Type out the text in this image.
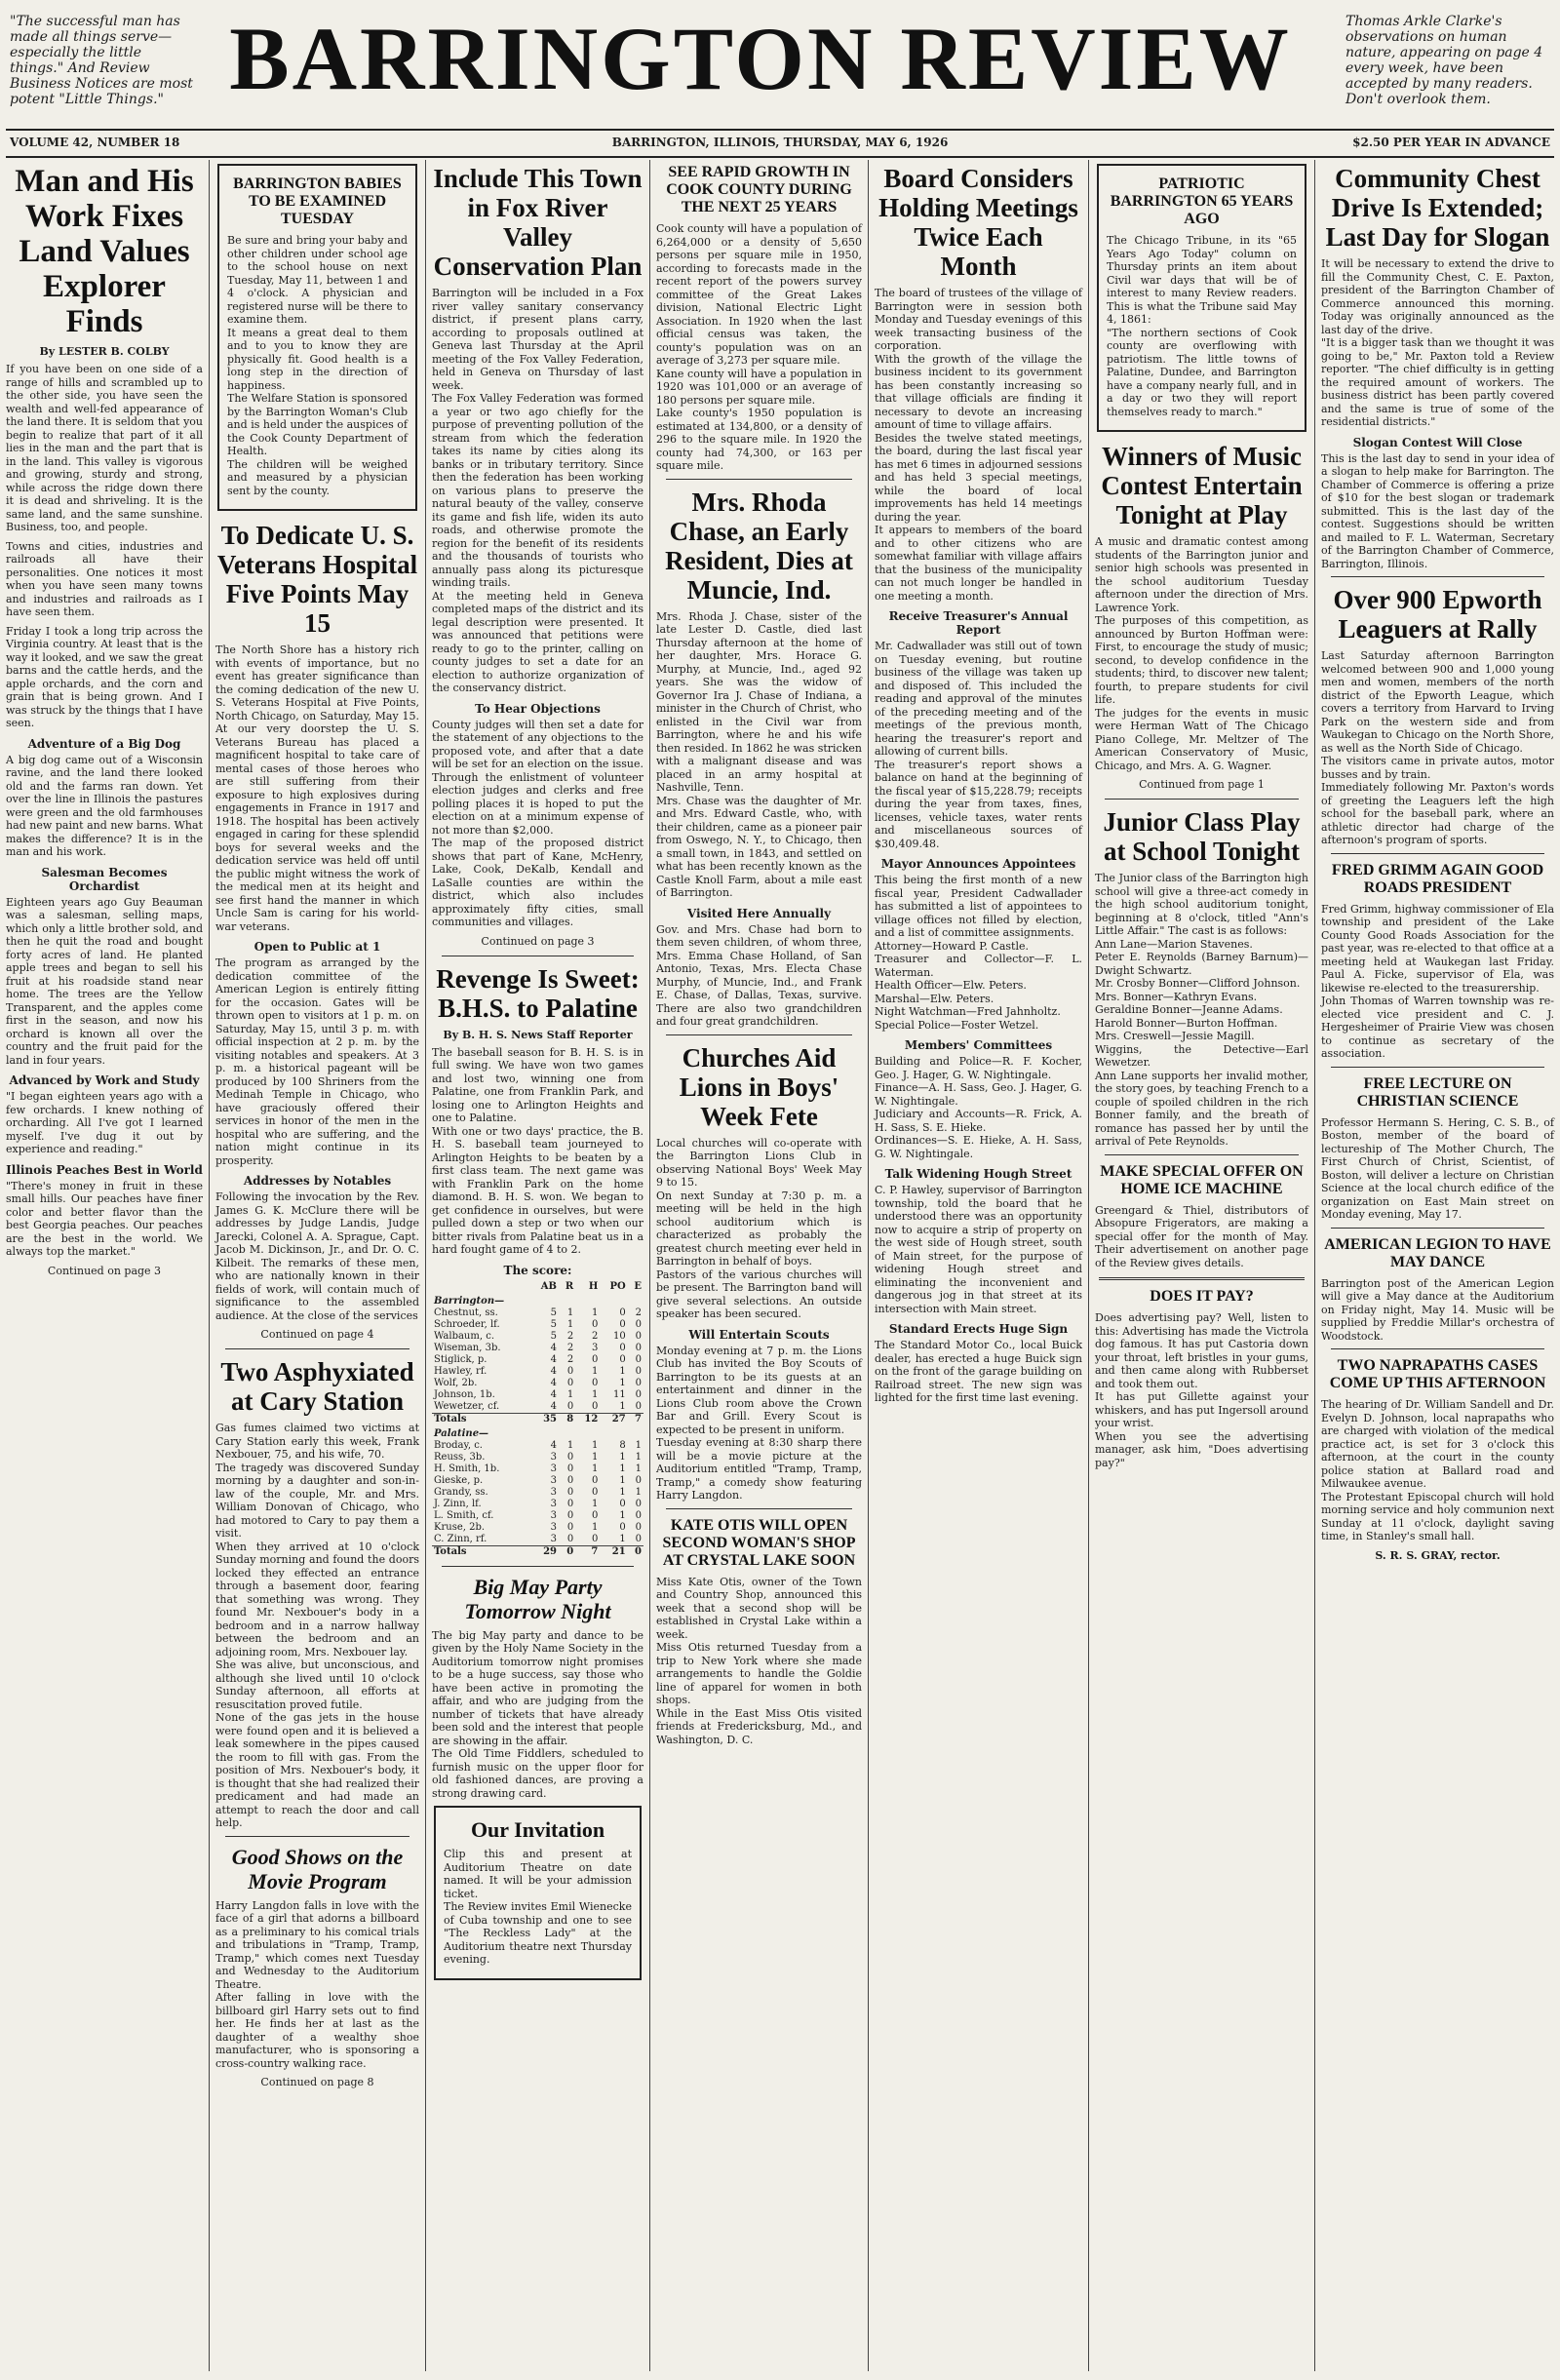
"The successful man has made all things serve—especially the little things." And Review Business Notices are most potent "Little Things." BARRINGTON REVIEW	Thomas Arkle Clarke's observations on human nature, appearing on page 4 every week, have been accepted by many readers. Don't overlook them.
VOLUME 42, NUMBER 18	BARRINGTON, ILLINOIS, THURSDAY, MAY 6, 1926	$2.50 PER YEAR IN ADVANCE
Man and His Work Fixes Land Values Explorer Finds
By LESTER B. COLBY

If you have been on one side of a range of hills and scrambled up to the other side, you have seen the wealth and well-fed appearance of the land there. It is seldom that you begin to realize that part of it all lies in the man and the part that is in the land. This valley is vigorous and growing, sturdy and strong, while across the ridge down there it is dead and shriveling. It is the same land, and the same sunshine. Business, too, and people.

Towns and cities, industries and railroads all have their personalities. One notices it most when you have seen many towns and industries and railroads as I have seen them.

Friday I took a long trip across the Virginia country. At least that is the way it looked, and we saw the great barns and the cattle herds, and the apple orchards, and the corn and grain that is being grown. And I was struck by the things that I have seen.

Adventure of a Big Dog

A big dog came out of a Wisconsin ravine, and the land there looked old and the farms ran down. Yet over the line in Illinois the pastures were green and the old farmhouses had new paint and new barns. What makes the difference? It is in the man and his work.

Salesman Becomes Orchardist

Eighteen years ago Guy Beauman was a salesman, selling maps, which only a little brother sold, and then he quit the road and bought forty acres of land. He planted apple trees and began to sell his fruit at his roadside stand near home. The trees are the Yellow Transparent, and the apples come first in the season, and now his orchard is known all over the country and the fruit paid for the land in four years.

Advanced by Work and Study

"I began eighteen years ago with a few orchards. I knew nothing of orcharding. All I've got I learned myself. I've dug it out by experience and reading."

Illinois Peaches Best in World

"There's money in fruit in these small hills. Our peaches have finer color and better flavor than the best Georgia peaches. Our peaches are the best in the world. We always top the market."

Continued on page 3
BARRINGTON BABIES TO BE EXAMINED TUESDAY

Be sure and bring your baby and other children under school age to the school house on next Tuesday, May 11, between 1 and 4 o'clock. A physician and registered nurse will be there to examine them.
It means a great deal to them and to you to know they are physically fit. Good health is a long step in the direction of happiness.
The Welfare Station is sponsored by the Barrington Woman's Club and is held under the auspices of the Cook County Department of Health.
The children will be weighed and measured by a physician sent by the county.

To Dedicate U. S. Veterans Hospital Five Points May 15

The North Shore has a history rich with events of importance, but no event has greater significance than the coming dedication of the new U. S. Veterans Hospital at Five Points, North Chicago, on Saturday, May 15. At our very doorstep the U. S. Veterans Bureau has placed a magnificent hospital to take care of mental cases of those heroes who are still suffering from their exposure to high explosives during engagements in France in 1917 and 1918. The hospital has been actively engaged in caring for these splendid boys for several weeks and the dedication service was held off until the public might witness the work of the medical men at its height and see first hand the manner in which Uncle Sam is caring for his world-war veterans.

Open to Public at 1

The program as arranged by the dedication committee of the American Legion is entirely fitting for the occasion. Gates will be thrown open to visitors at 1 p. m. on Saturday, May 15, until 3 p. m. with official inspection at 2 p. m. by the visiting notables and speakers. At 3 p. m. a historical pageant will be produced by 100 Shriners from the Medinah Temple in Chicago, who have graciously offered their services in honor of the men in the hospital who are suffering, and the nation might continue in its prosperity.

Addresses by Notables

Following the invocation by the Rev. James G. K. McClure there will be addresses by Judge Landis, Judge Jarecki, Colonel A. A. Sprague, Capt. Jacob M. Dickinson, Jr., and Dr. O. C. Kilbeit. The remarks of these men, who are nationally known in their fields of work, will contain much of significance to the assembled audience. At the close of the services

Continued on page 4
Two Asphyxiated at Cary Station

Gas fumes claimed two victims at Cary Station early this week, Frank Nexbouer, 75, and his wife, 70.
The tragedy was discovered Sunday morning by a daughter and son-in-law of the couple, Mr. and Mrs. William Donovan of Chicago, who had motored to Cary to pay them a visit.
When they arrived at 10 o'clock Sunday morning and found the doors locked they effected an entrance through a basement door, fearing that something was wrong. They found Mr. Nexbouer's body in a bedroom and in a narrow hallway between the bedroom and an adjoining room, Mrs. Nexbouer lay.
She was alive, but unconscious, and although she lived until 10 o'clock Sunday afternoon, all efforts at resuscitation proved futile.
None of the gas jets in the house were found open and it is believed a leak somewhere in the pipes caused the room to fill with gas. From the position of Mrs. Nexbouer's body, it is thought that she had realized their predicament and had made an attempt to reach the door and call help.

Good Shows on the Movie Program

Harry Langdon falls in love with the face of a girl that adorns a billboard as a preliminary to his comical trials and tribulations in "Tramp, Tramp, Tramp," which comes next Tuesday and Wednesday to the Auditorium Theatre.
After falling in love with the billboard girl Harry sets out to find her. He finds her at last as the daughter of a wealthy shoe manufacturer, who is sponsoring a cross-country walking race.

Continued on page 8
Include This Town in Fox River Valley Conservation Plan

Barrington will be included in a Fox river valley sanitary conservancy district, if present plans carry, according to proposals outlined at Geneva last Thursday at the April meeting of the Fox Valley Federation, held in Geneva on Thursday of last week.
The Fox Valley Federation was formed a year or two ago chiefly for the purpose of preventing pollution of the stream from which the federation takes its name by cities along its banks or in tributary territory. Since then the federation has been working on various plans to preserve the natural beauty of the valley, conserve its game and fish life, widen its auto roads, and otherwise promote the region for the benefit of its residents and the thousands of tourists who annually pass along its picturesque winding trails.
At the meeting held in Geneva completed maps of the district and its legal description were presented. It was announced that petitions were ready to go to the printer, calling on county judges to set a date for an election to authorize organization of the conservancy district.

To Hear Objections

County judges will then set a date for the statement of any objections to the proposed vote, and after that a date will be set for an election on the issue. Through the enlistment of volunteer election judges and clerks and free polling places it is hoped to put the election on at a minimum expense of not more than $2,000.
The map of the proposed district shows that part of Kane, McHenry, Lake, Cook, DeKalb, Kendall and LaSalle counties are within the district, which also includes approximately fifty cities, small communities and villages.

Continued on page 3
Revenge Is Sweet: B.H.S. to Palatine
By B. H. S. News Staff Reporter

The baseball season for B. H. S. is in full swing. We have won two games and lost two, winning one from Palatine, one from Franklin Park, and losing one to Arlington Heights and one to Palatine.
With one or two days' practice, the B. H. S. baseball team journeyed to Arlington Heights to be beaten by a first class team. The next game was with Franklin Park on the home diamond. B. H. S. won. We began to get confidence in ourselves, but were pulled down a step or two when our bitter rivals from Palatine beat us in a hard fought game of 4 to 2.

The score:
	AB	R	H	PO	E
Barrington—					
Chestnut, ss.	5	1	1	0	2
Schroeder, lf.	5	1	0	0	0
Walbaum, c.	5	2	2	10	0
Wiseman, 3b.	4	2	3	0	0
Stiglick, p.	4	2	0	0	0
Hawley, rf.	4	0	1	1	0
Wolf, 2b.	4	0	0	1	0
Johnson, 1b.	4	1	1	11	0
Wewetzer, cf.	4	0	0	1	0
Totals	35	8	12	27	7
Palatine—					
Broday, c.	4	1	1	8	1
Reuss, 3b.	3	0	1	1	1
H. Smith, 1b.	3	0	1	1	1
Gieske, p.	3	0	0	1	0
Grandy, ss.	3	0	0	1	1
J. Zinn, lf.	3	0	1	0	0
L. Smith, cf.	3	0	0	1	0
Kruse, 2b.	3	0	1	0	0
C. Zinn, rf.	3	0	0	1	0
Totals	29	0	7	21	0
Big May Party Tomorrow Night

The big May party and dance to be given by the Holy Name Society in the Auditorium tomorrow night promises to be a huge success, say those who have been active in promoting the affair, and who are judging from the number of tickets that have already been sold and the interest that people are showing in the affair.
The Old Time Fiddlers, scheduled to furnish music on the upper floor for old fashioned dances, are proving a strong drawing card.

Our Invitation

Clip this and present at Auditorium Theatre on date named. It will be your admission ticket.
The Review invites Emil Wienecke of Cuba township and one to see "The Reckless Lady" at the Auditorium theatre next Thursday evening.

SEE RAPID GROWTH IN COOK COUNTY DURING THE NEXT 25 YEARS

Cook county will have a population of 6,264,000 or a density of 5,650 persons per square mile in 1950, according to forecasts made in the recent report of the powers survey committee of the Great Lakes division, National Electric Light Association. In 1920 when the last official census was taken, the county's population was on an average of 3,273 per square mile.
Kane county will have a population in 1920 was 101,000 or an average of 180 persons per square mile.
Lake county's 1950 population is estimated at 134,800, or a density of 296 to the square mile. In 1920 the county had 74,300, or 163 per square mile.

Mrs. Rhoda Chase, an Early Resident, Dies at Muncie, Ind.

Mrs. Rhoda J. Chase, sister of the late Lester D. Castle, died last Thursday afternoon at the home of her daughter, Mrs. Horace G. Murphy, at Muncie, Ind., aged 92 years. She was the widow of Governor Ira J. Chase of Indiana, a minister in the Church of Christ, who enlisted in the Civil war from Barrington, where he and his wife then resided. In 1862 he was stricken with a malignant disease and was placed in an army hospital at Nashville, Tenn.
Mrs. Chase was the daughter of Mr. and Mrs. Edward Castle, who, with their children, came as a pioneer pair from Oswego, N. Y., to Chicago, then a small town, in 1843, and settled on what has been recently known as the Castle Knoll Farm, about a mile east of Barrington.

Visited Here Annually

Gov. and Mrs. Chase had born to them seven children, of whom three, Mrs. Emma Chase Holland, of San Antonio, Texas, Mrs. Electa Chase Murphy, of Muncie, Ind., and Frank E. Chase, of Dallas, Texas, survive. There are also two grandchildren and four great grandchildren.

Churches Aid Lions in Boys' Week Fete

Local churches will co-operate with the Barrington Lions Club in observing National Boys' Week May 9 to 15.
On next Sunday at 7:30 p. m. a meeting will be held in the high school auditorium which is characterized as probably the greatest church meeting ever held in Barrington in behalf of boys.
Pastors of the various churches will be present. The Barrington band will give several selections. An outside speaker has been secured.

Will Entertain Scouts

Monday evening at 7 p. m. the Lions Club has invited the Boy Scouts of Barrington to be its guests at an entertainment and dinner in the Lions Club room above the Crown Bar and Grill. Every Scout is expected to be present in uniform.
Tuesday evening at 8:30 sharp there will be a movie picture at the Auditorium entitled "Tramp, Tramp, Tramp," a comedy show featuring Harry Langdon.

KATE OTIS WILL OPEN SECOND WOMAN'S SHOP AT CRYSTAL LAKE SOON

Miss Kate Otis, owner of the Town and Country Shop, announced this week that a second shop will be established in Crystal Lake within a week.
Miss Otis returned Tuesday from a trip to New York where she made arrangements to handle the Goldie line of apparel for women in both shops.
While in the East Miss Otis visited friends at Fredericksburg, Md., and Washington, D. C.

Board Considers Holding Meetings Twice Each Month

The board of trustees of the village of Barrington were in session both Monday and Tuesday evenings of this week transacting business of the corporation.
With the growth of the village the business incident to its government has been constantly increasing so that village officials are finding it necessary to devote an increasing amount of time to village affairs.
Besides the twelve stated meetings, the board, during the last fiscal year has met 6 times in adjourned sessions and has held 3 special meetings, while the board of local improvements has held 14 meetings during the year.
It appears to members of the board and to other citizens who are somewhat familiar with village affairs that the business of the municipality can not much longer be handled in one meeting a month.

Receive Treasurer's Annual Report

Mr. Cadwallader was still out of town on Tuesday evening, but routine business of the village was taken up and disposed of. This included the reading and approval of the minutes of the preceding meeting and of the meetings of the previous month, hearing the treasurer's report and allowing of current bills.
The treasurer's report shows a balance on hand at the beginning of the fiscal year of $15,228.79; receipts during the year from taxes, fines, licenses, vehicle taxes, water rents and miscellaneous sources of $30,409.48.

Mayor Announces Appointees

This being the first month of a new fiscal year, President Cadwallader has submitted a list of appointees to village offices not filled by election, and a list of committee assignments.
Attorney—Howard P. Castle.
Treasurer and Collector—F. L. Waterman.
Health Officer—Elw. Peters.
Marshal—Elw. Peters.
Night Watchman—Fred Jahnholtz.
Special Police—Foster Wetzel.

Members' Committees

Building and Police—R. F. Kocher, Geo. J. Hager, G. W. Nightingale.
Finance—A. H. Sass, Geo. J. Hager, G. W. Nightingale.
Judiciary and Accounts—R. Frick, A. H. Sass, S. E. Hieke.
Ordinances—S. E. Hieke, A. H. Sass, G. W. Nightingale.

Talk Widening Hough Street

C. P. Hawley, supervisor of Barrington township, told the board that he understood there was an opportunity now to acquire a strip of property on the west side of Hough street, south of Main street, for the purpose of widening Hough street and eliminating the inconvenient and dangerous jog in that street at its intersection with Main street.

Standard Erects Huge Sign

The Standard Motor Co., local Buick dealer, has erected a huge Buick sign on the front of the garage building on Railroad street. The new sign was lighted for the first time last evening.

PATRIOTIC BARRINGTON 65 YEARS AGO

The Chicago Tribune, in its "65 Years Ago Today" column on Thursday prints an item about Civil war days that will be of interest to many Review readers. This is what the Tribune said May 4, 1861:
"The northern sections of Cook county are overflowing with patriotism. The little towns of Palatine, Dundee, and Barrington have a company nearly full, and in a day or two they will report themselves ready to march."

Winners of Music Contest Entertain Tonight at Play

A music and dramatic contest among students of the Barrington junior and senior high schools was presented in the school auditorium Tuesday afternoon under the direction of Mrs. Lawrence York.
The purposes of this competition, as announced by Burton Hoffman were: First, to encourage the study of music; second, to develop confidence in the students; third, to discover new talent; fourth, to prepare students for civil life.
The judges for the events in music were Herman Watt of The Chicago Piano College, Mr. Meltzer of The American Conservatory of Music, Chicago, and Mrs. A. G. Wagner.

Continued from page 1
Junior Class Play at School Tonight

The Junior class of the Barrington high school will give a three-act comedy in the high school auditorium tonight, beginning at 8 o'clock, titled "Ann's Little Affair." The cast is as follows:
Ann Lane—Marion Stavenes.
Peter E. Reynolds (Barney Barnum)—Dwight Schwartz.
Mr. Crosby Bonner—Clifford Johnson.
Mrs. Bonner—Kathryn Evans.
Geraldine Bonner—Jeanne Adams.
Harold Bonner—Burton Hoffman.
Mrs. Creswell—Jessie Magill.
Wiggins, the Detective—Earl Wewetzer.
Ann Lane supports her invalid mother, the story goes, by teaching French to a couple of spoiled children in the rich Bonner family, and the breath of romance has passed her by until the arrival of Pete Reynolds.

MAKE SPECIAL OFFER ON HOME ICE MACHINE

Greengard & Thiel, distributors of Absopure Frigerators, are making a special offer for the month of May. Their advertisement on another page of the Review gives details.

DOES IT PAY?

Does advertising pay? Well, listen to this: Advertising has made the Victrola dog famous. It has put Castoria down your throat, left bristles in your gums, and then came along with Rubberset and took them out.
It has put Gillette against your whiskers, and has put Ingersoll around your wrist.
When you see the advertising manager, ask him, "Does advertising pay?"

Community Chest Drive Is Extended; Last Day for Slogan

It will be necessary to extend the drive to fill the Community Chest, C. E. Paxton, president of the Barrington Chamber of Commerce announced this morning. Today was originally announced as the last day of the drive.
"It is a bigger task than we thought it was going to be," Mr. Paxton told a Review reporter. "The chief difficulty is in getting the required amount of workers. The business district has been partly covered and the same is true of some of the residential districts."

Slogan Contest Will Close

This is the last day to send in your idea of a slogan to help make for Barrington. The Chamber of Commerce is offering a prize of $10 for the best slogan or trademark submitted. This is the last day of the contest. Suggestions should be written and mailed to F. L. Waterman, Secretary of the Barrington Chamber of Commerce, Barrington, Illinois.

Over 900 Epworth Leaguers at Rally

Last Saturday afternoon Barrington welcomed between 900 and 1,000 young men and women, members of the north district of the Epworth League, which covers a territory from Harvard to Irving Park on the western side and from Waukegan to Chicago on the North Shore, as well as the North Side of Chicago.
The visitors came in private autos, motor busses and by train.
Immediately following Mr. Paxton's words of greeting the Leaguers left the high school for the baseball park, where an athletic director had charge of the afternoon's program of sports.

FRED GRIMM AGAIN GOOD ROADS PRESIDENT

Fred Grimm, highway commissioner of Ela township and president of the Lake County Good Roads Association for the past year, was re-elected to that office at a meeting held at Waukegan last Friday. Paul A. Ficke, supervisor of Ela, was likewise re-elected to the treasurership.
John Thomas of Warren township was re-elected vice president and C. J. Hergesheimer of Prairie View was chosen to continue as secretary of the association.

FREE LECTURE ON CHRISTIAN SCIENCE

Professor Hermann S. Hering, C. S. B., of Boston, member of the board of lectureship of The Mother Church, The First Church of Christ, Scientist, of Boston, will deliver a lecture on Christian Science at the local church edifice of the organization on East Main street on Monday evening, May 17.

AMERICAN LEGION TO HAVE MAY DANCE

Barrington post of the American Legion will give a May dance at the Auditorium on Friday night, May 14. Music will be supplied by Freddie Millar's orchestra of Woodstock.

TWO NAPRAPATHS CASES COME UP THIS AFTERNOON

The hearing of Dr. William Sandell and Dr. Evelyn D. Johnson, local naprapaths who are charged with violation of the medical practice act, is set for 3 o'clock this afternoon, at the court in the county police station at Ballard road and Milwaukee avenue.
The Protestant Episcopal church will hold morning service and holy communion next Sunday at 11 o'clock, daylight saving time, in Stanley's small hall.

S. R. S. GRAY, rector.
